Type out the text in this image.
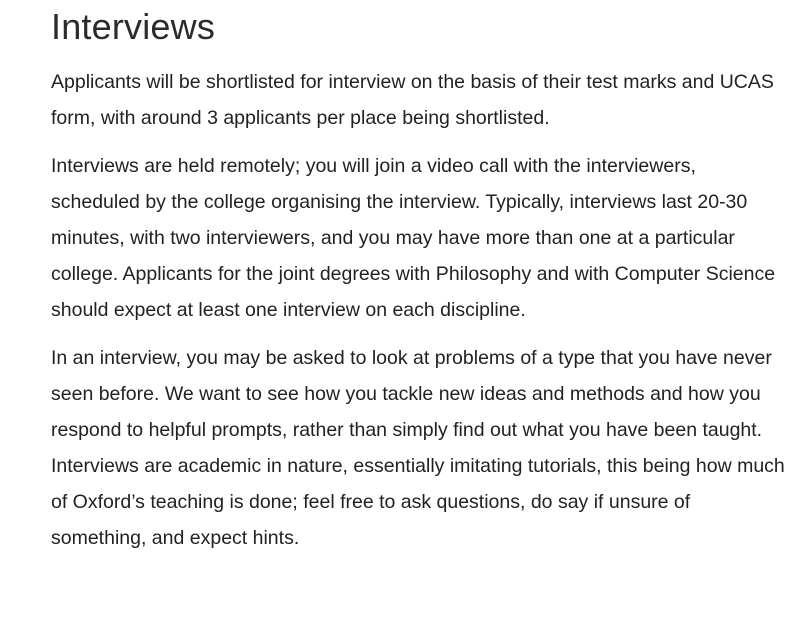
Interviews

Applicants will be shortlisted for interview on the basis of their test marks and UCAS form, with around 3 applicants per place being shortlisted.

Interviews are held remotely; you will join a video call with the interviewers, scheduled by the college organising the interview. Typically, interviews last 20-30 minutes, with two interviewers, and you may have more than one at a particular college. Applicants for the joint degrees with Philosophy and with Computer Science should expect at least one interview on each discipline.

In an interview, you may be asked to look at problems of a type that you have never seen before. We want to see how you tackle new ideas and methods and how you respond to helpful prompts, rather than simply find out what you have been taught. Interviews are academic in nature, essentially imitating tutorials, this being how much of Oxford’s teaching is done; feel free to ask questions, do say if unsure of something, and expect hints.
